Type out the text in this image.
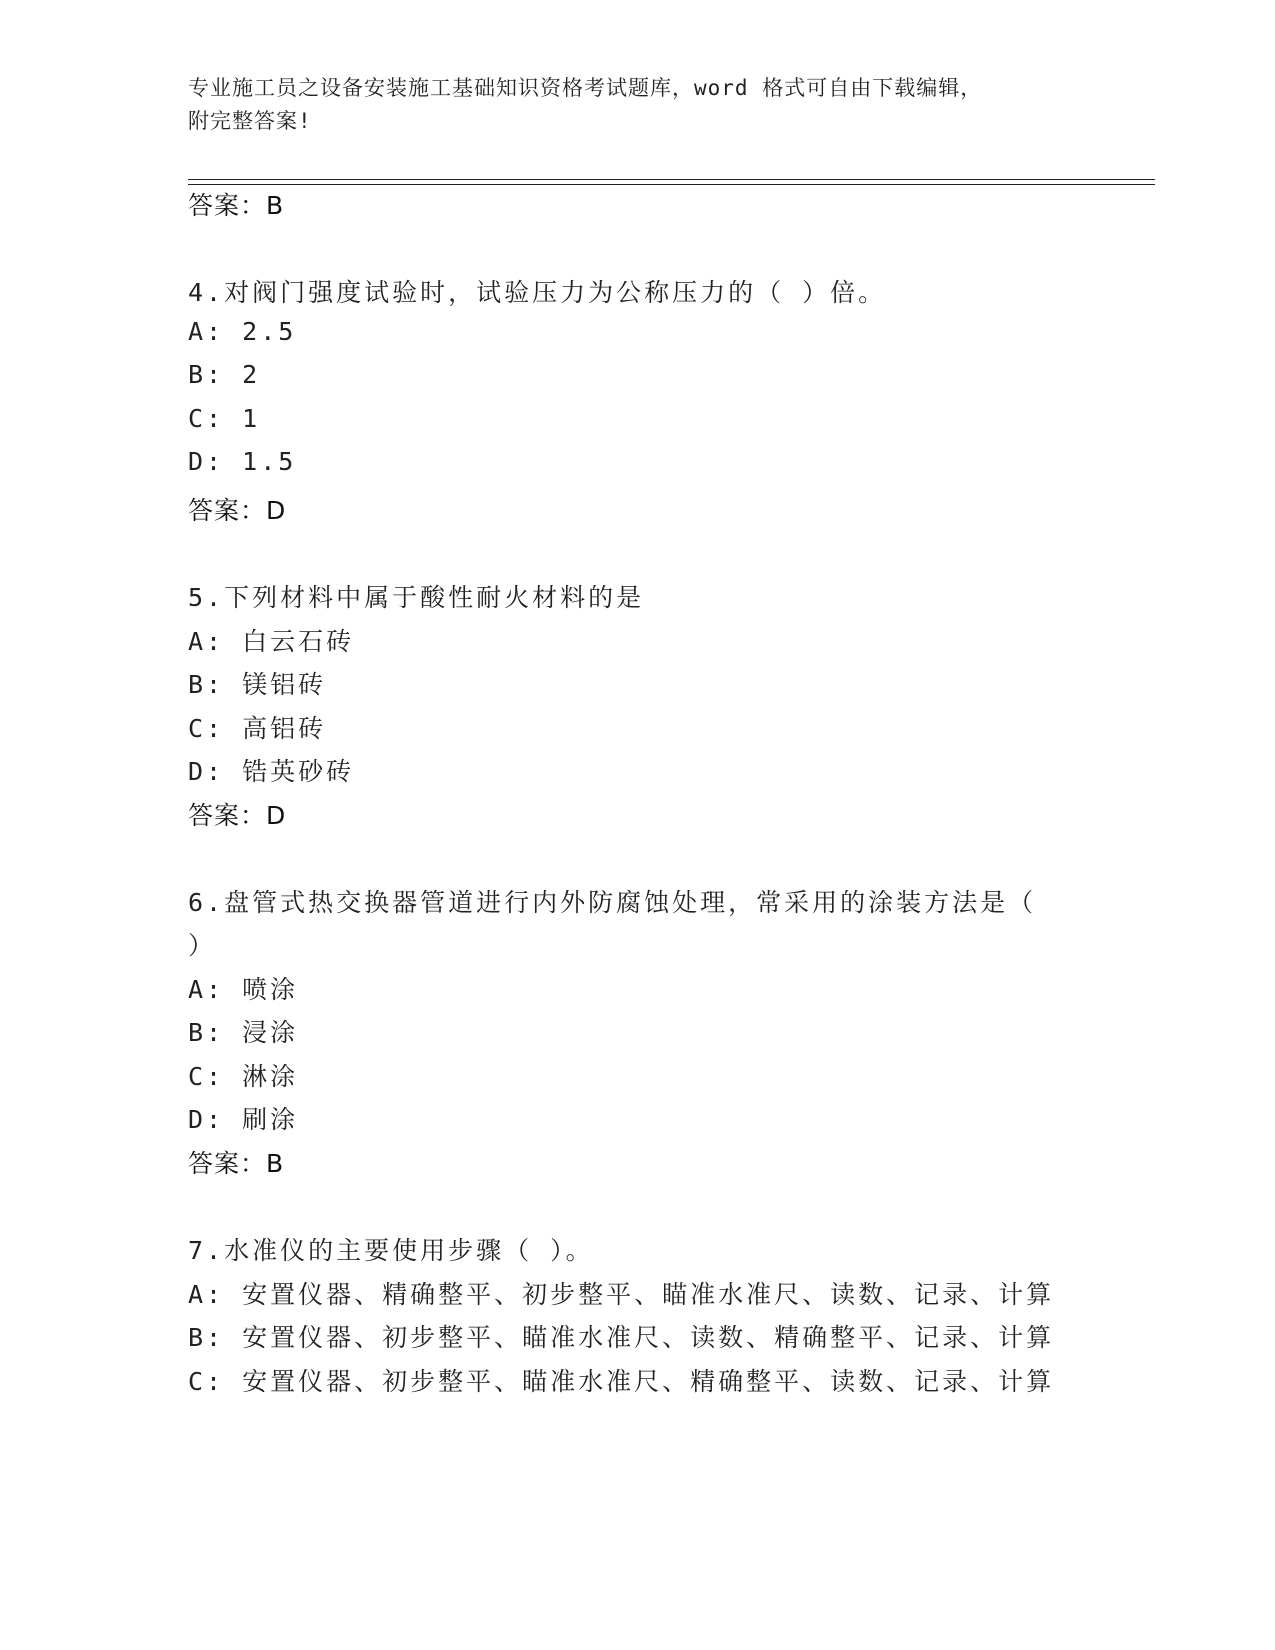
专业施工员之设备安装施工基础知识资格考试题库，word 格式可自由下载编辑，
附完整答案!
答案：B
4.对阀门强度试验时，试验压力为公称压力的（ ）倍。
A: 2.5
B: 2
C: 1
D: 1.5
答案：D
5.下列材料中属于酸性耐火材料的是
A: 白云石砖
B: 镁铝砖
C: 高铝砖
D: 锆英砂砖
答案：D
6.盘管式热交换器管道进行内外防腐蚀处理，常采用的涂装方法是（
）
A: 喷涂
B: 浸涂
C: 淋涂
D: 刷涂
答案：B
7.水准仪的主要使用步骤（ ）。
A: 安置仪器、精确整平、初步整平、瞄准水准尺、读数、记录、计算
B: 安置仪器、初步整平、瞄准水准尺、读数、精确整平、记录、计算
C: 安置仪器、初步整平、瞄准水准尺、精确整平、读数、记录、计算
